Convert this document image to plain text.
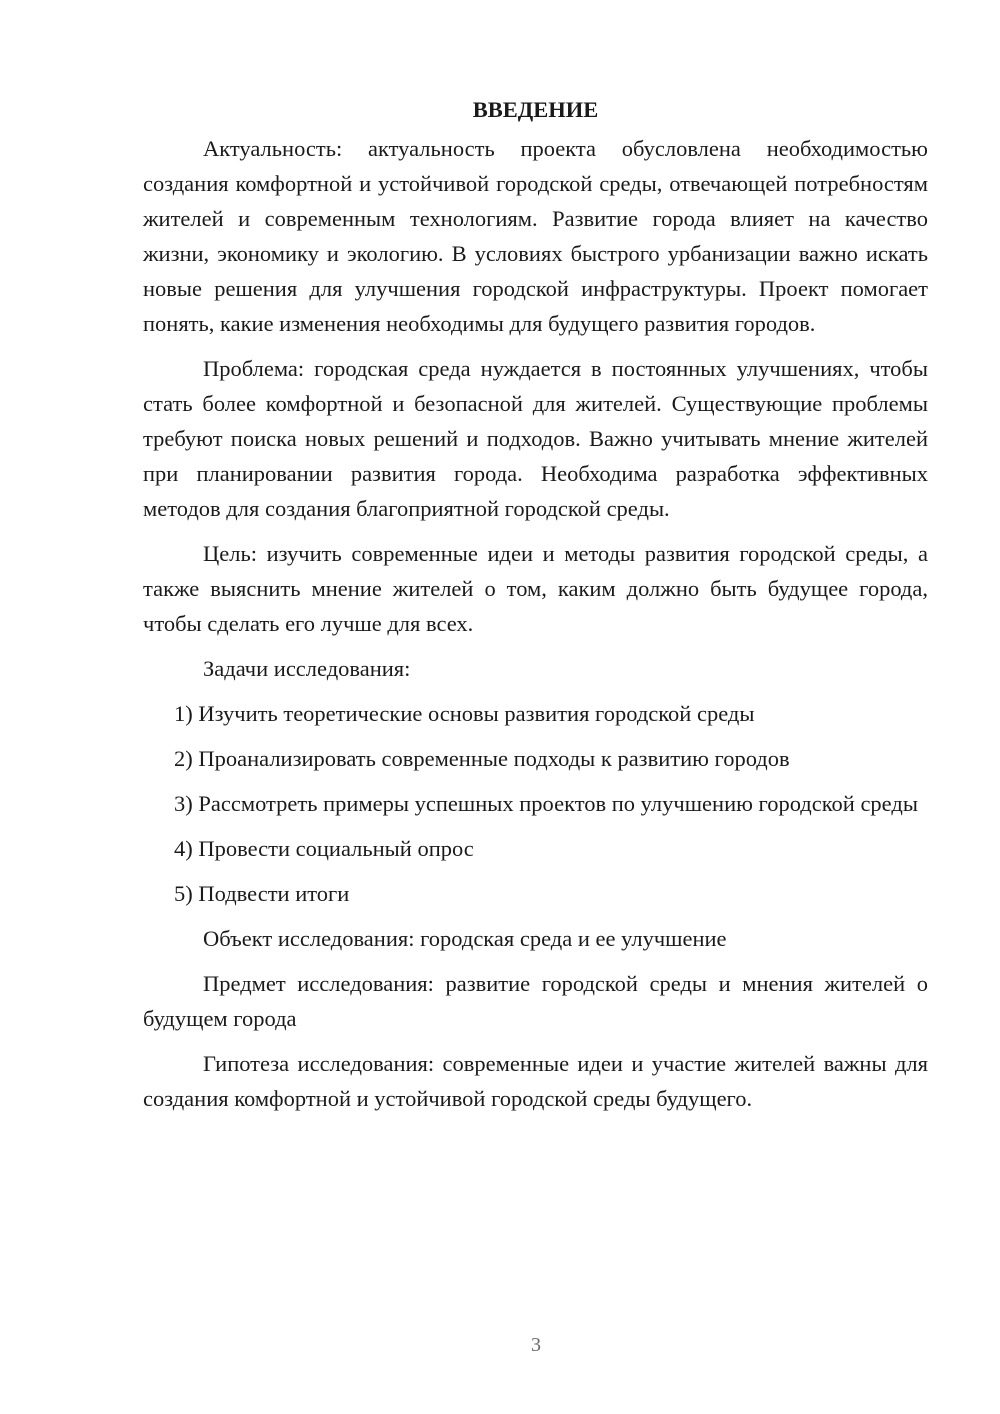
ВВЕДЕНИЕ

Актуальность: актуальность проекта обусловлена необходимостью создания комфортной и устойчивой городской среды, отвечающей потребностям жителей и современным технологиям. Развитие города влияет на качество жизни, экономику и экологию. В условиях быстрого урбанизации важно искать новые решения для улучшения городской инфраструктуры. Проект помогает понять, какие изменения необходимы для будущего развития городов.

Проблема: городская среда нуждается в постоянных улучшениях, чтобы стать более комфортной и безопасной для жителей. Существующие проблемы требуют поиска новых решений и подходов. Важно учитывать мнение жителей при планировании развития города. Необходима разработка эффективных методов для создания благоприятной городской среды.

Цель: изучить современные идеи и методы развития городской среды, а также выяснить мнение жителей о том, каким должно быть будущее города, чтобы сделать его лучше для всех.

Задачи исследования:

1) Изучить теоретические основы развития городской среды
2) Проанализировать современные подходы к развитию городов
3) Рассмотреть примеры успешных проектов по улучшению городской среды
4) Провести социальный опрос
5) Подвести итоги

Объект исследования: городская среда и ее улучшение

Предмет исследования: развитие городской среды и мнения жителей о будущем города

Гипотеза исследования: современные идеи и участие жителей важны для создания комфортной и устойчивой городской среды будущего.

3
